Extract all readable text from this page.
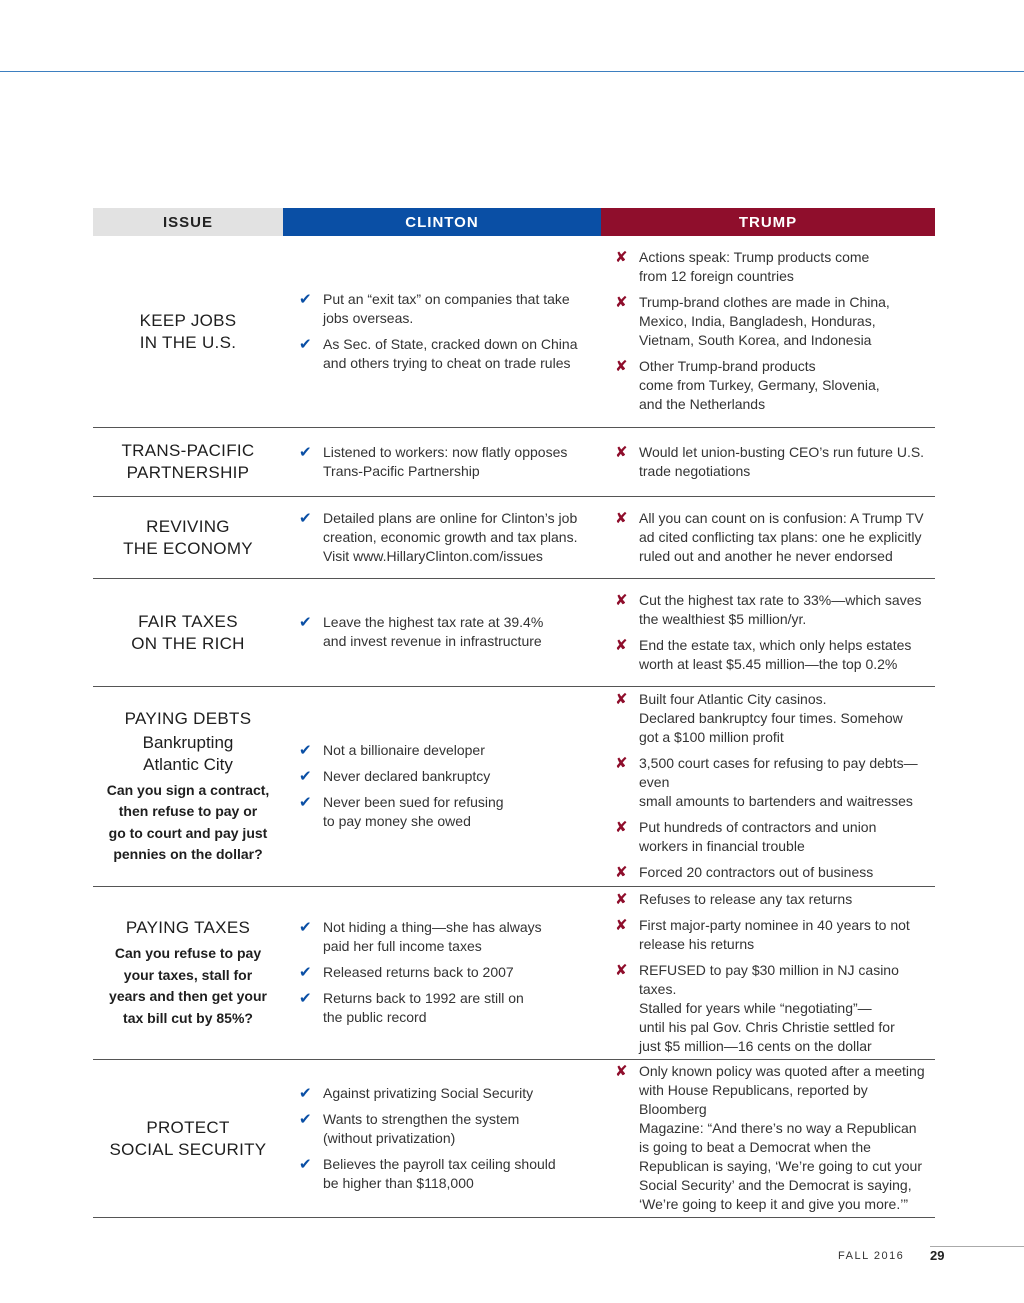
ISSUE	CLINTON	TRUMP
KEEP JOBS
IN THE U.S.
✔ Put an “exit tax” on companies that take
jobs overseas.
✔ As Sec. of State, cracked down on China
and others trying to cheat on trade rules
✘ Actions speak: Trump products come
from 12 foreign countries
✘ Trump-brand clothes are made in China,
Mexico, India, Bangladesh, Honduras,
Vietnam, South Korea, and Indonesia
✘ Other Trump-brand products
come from Turkey, Germany, Slovenia,
and the Netherlands
TRANS-PACIFIC
PARTNERSHIP
✔ Listened to workers: now flatly opposes
Trans-Pacific Partnership
✘ Would let union-busting CEO’s run future U.S.
trade negotiations
REVIVING
THE ECONOMY
✔ Detailed plans are online for Clinton’s job
creation, economic growth and tax plans.
Visit www.HillaryClinton.com/issues
✘ All you can count on is confusion: A Trump TV
ad cited conflicting tax plans: one he explicitly
ruled out and another he never endorsed
FAIR TAXES
ON THE RICH
✔ Leave the highest tax rate at 39.4%
and invest revenue in infrastructure
✘ Cut the highest tax rate to 33%—which saves
the wealthiest $5 million/yr.
✘ End the estate tax, which only helps estates
worth at least $5.45 million—the top 0.2%
PAYING DEBTS
Bankrupting
Atlantic City
Can you sign a contract,
then refuse to pay or
go to court and pay just
pennies on the dollar?
✔ Not a billionaire developer
✔ Never declared bankruptcy
✔ Never been sued for refusing
to pay money she owed
✘ Built four Atlantic City casinos.
Declared bankruptcy four times. Somehow
got a $100 million profit
✘ 3,500 court cases for refusing to pay debts—even
small amounts to bartenders and waitresses
✘ Put hundreds of contractors and union
workers in financial trouble
✘ Forced 20 contractors out of business
PAYING TAXES
Can you refuse to pay
your taxes, stall for
years and then get your
tax bill cut by 85%?
✔ Not hiding a thing—she has always
paid her full income taxes
✔ Released returns back to 2007
✔ Returns back to 1992 are still on
the public record
✘ Refuses to release any tax returns
✘ First major-party nominee in 40 years to not
release his returns
✘ REFUSED to pay $30 million in NJ casino taxes.
Stalled for years while “negotiating”—
until his pal Gov. Chris Christie settled for
just $5 million—16 cents on the dollar
PROTECT
SOCIAL SECURITY
✔ Against privatizing Social Security
✔ Wants to strengthen the system
(without privatization)
✔ Believes the payroll tax ceiling should
be higher than $118,000
✘ Only known policy was quoted after a meeting
with House Republicans, reported by Bloomberg
Magazine: “And there’s no way a Republican
is going to beat a Democrat when the
Republican is saying, ‘We’re going to cut your
Social Security’ and the Democrat is saying,
‘We’re going to keep it and give you more.’”
FALL 2016 29
